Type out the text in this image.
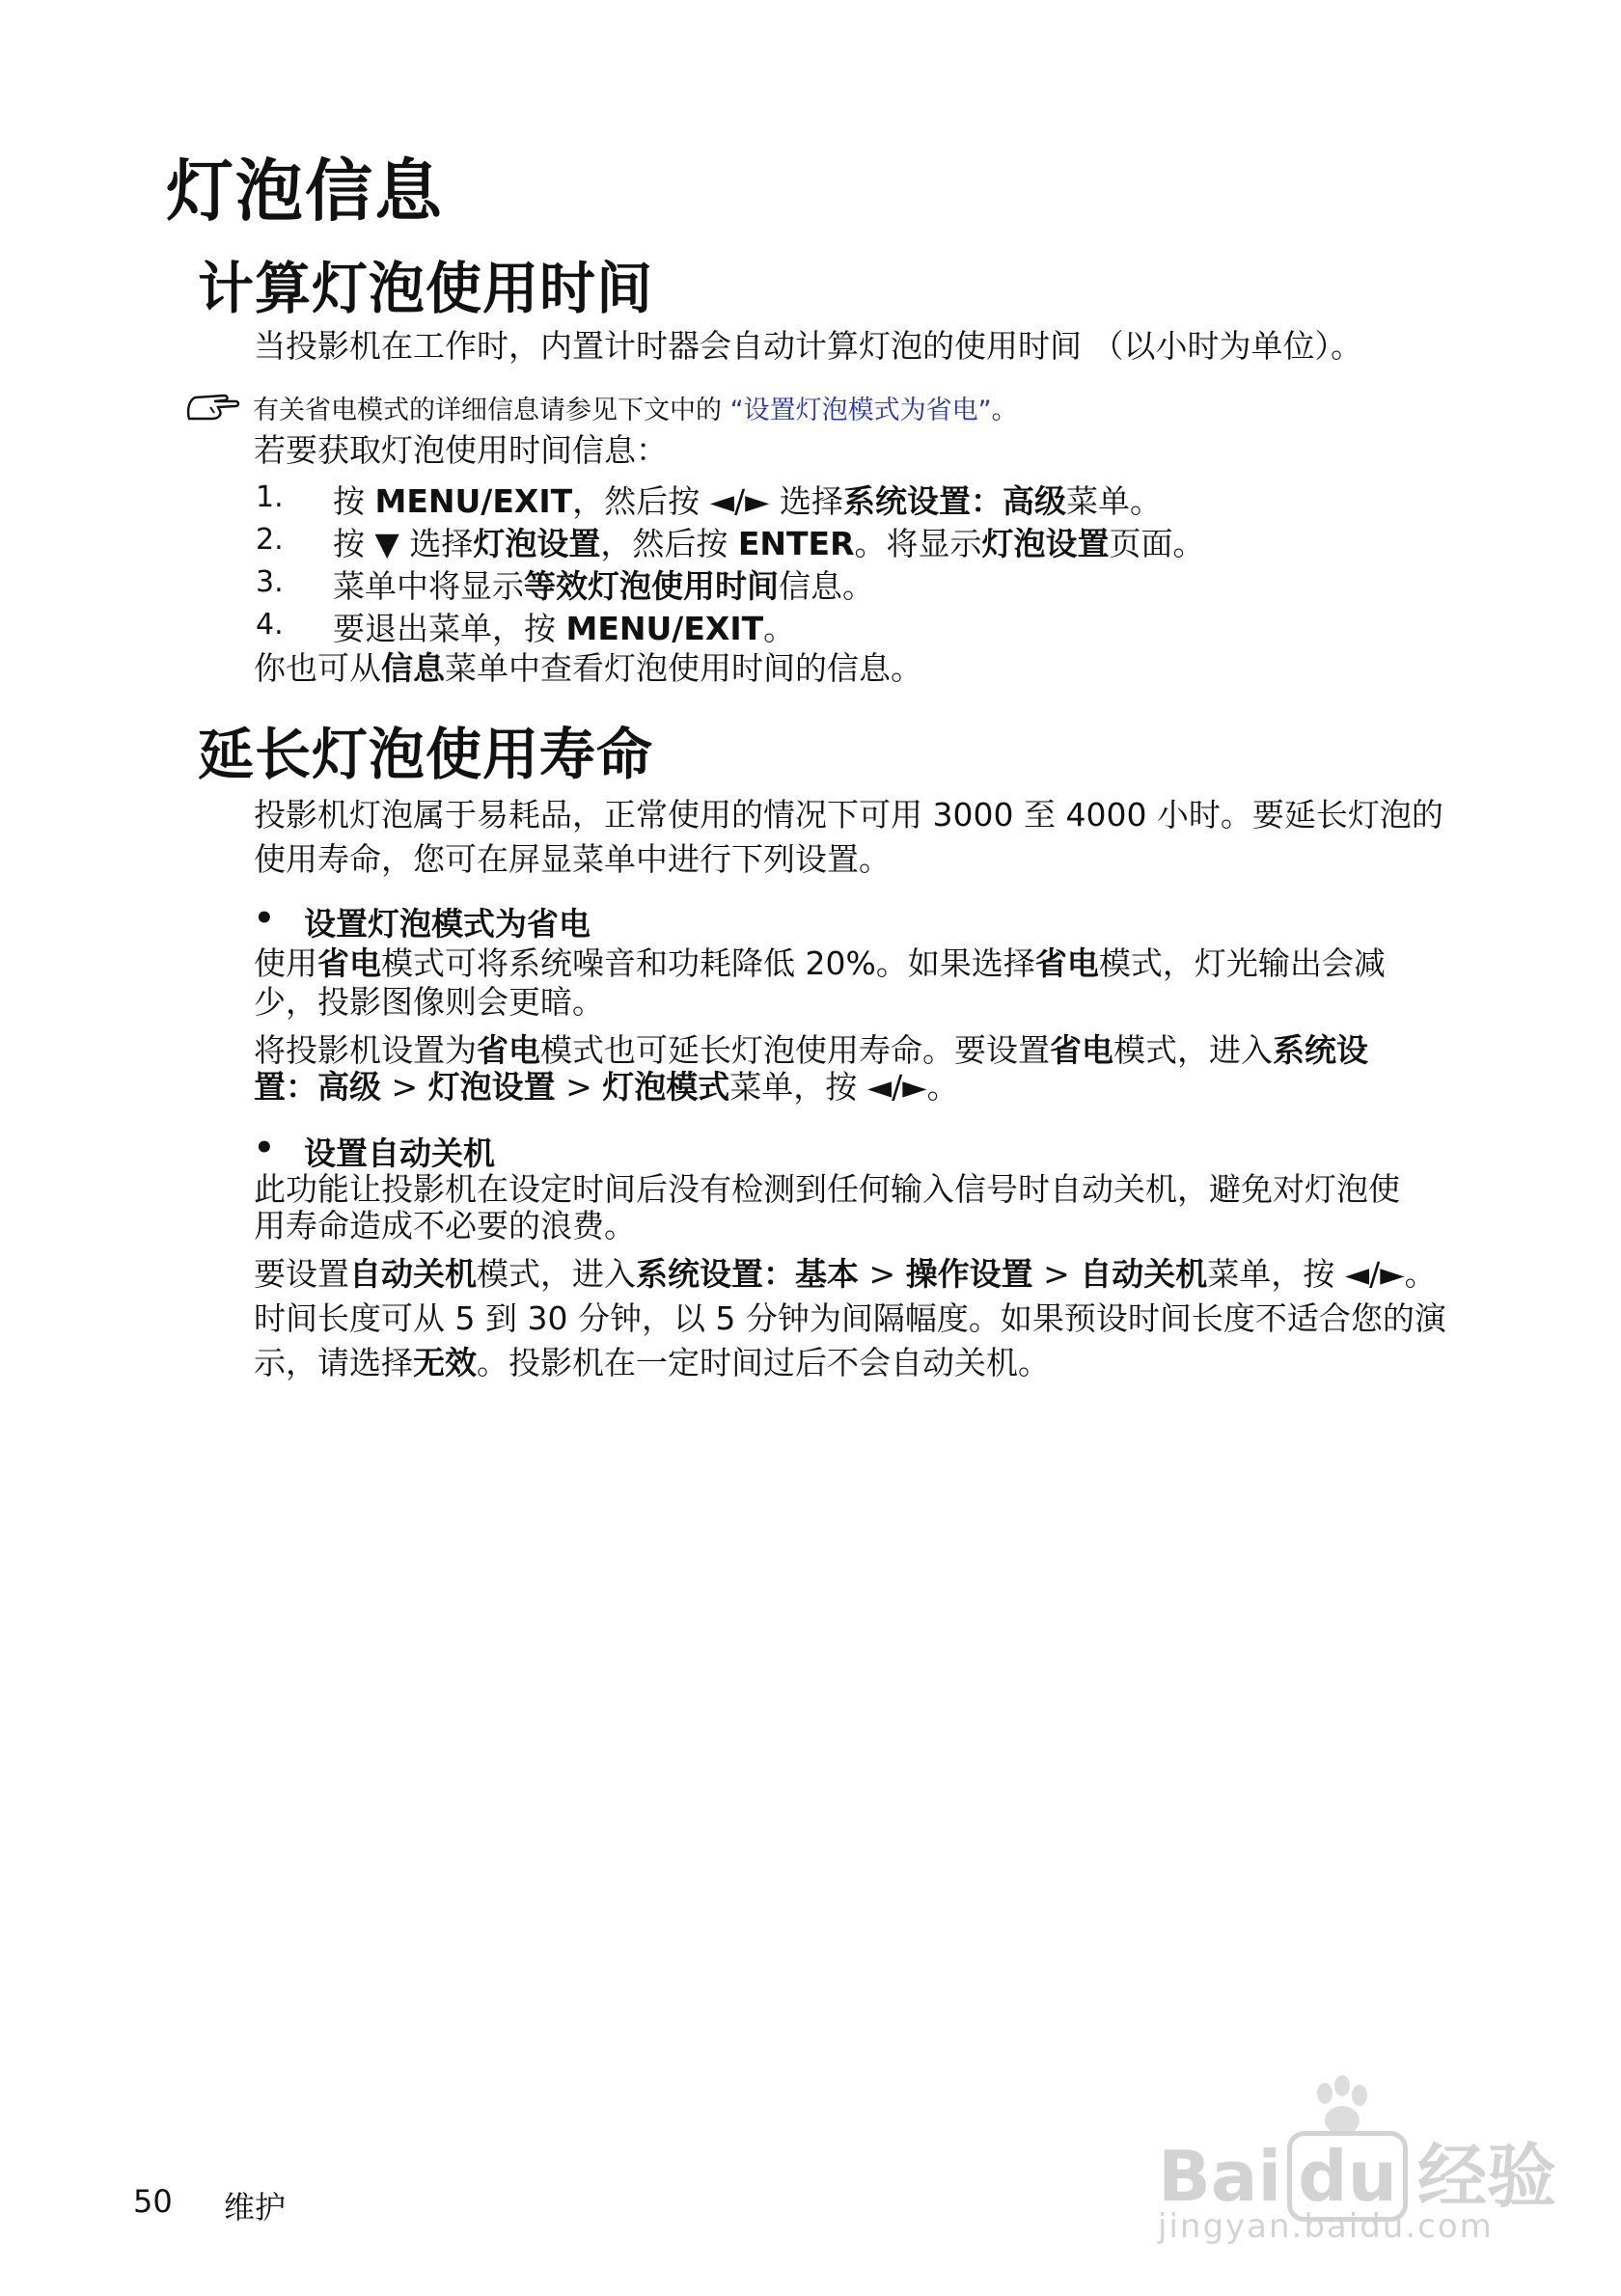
灯泡信息
计算灯泡使用时间

当投影机在工作时，内置计时器会自动计算灯泡的使用时间 （以小时为单位）。

有关省电模式的详细信息请参见下文中的 “设置灯泡模式为省电”。

若要获取灯泡使用时间信息：

1. 按 MENU/EXIT，然后按 ◄/► 选择系统设置：高级菜单。

2. 按 ▼ 选择灯泡设置，然后按 ENTER。将显示灯泡设置页面。

3. 菜单中将显示等效灯泡使用时间信息。

4. 要退出菜单，按 MENU/EXIT。

你也可从信息菜单中查看灯泡使用时间的信息。

延长灯泡使用寿命

投影机灯泡属于易耗品，正常使用的情况下可用 3000 至 4000 小时。要延长灯泡的

使用寿命，您可在屏显菜单中进行下列设置。

• 设置灯泡模式为省电

使用省电模式可将系统噪音和功耗降低 20%。如果选择省电模式，灯光输出会减

少，投影图像则会更暗。

将投影机设置为省电模式也可延长灯泡使用寿命。要设置省电模式，进入系统设

置：高级 > 灯泡设置 > 灯泡模式菜单，按 ◄/►。

• 设置自动关机

此功能让投影机在设定时间后没有检测到任何输入信号时自动关机，避免对灯泡使

用寿命造成不必要的浪费。

要设置自动关机模式，进入系统设置：基本 > 操作设置 > 自动关机菜单，按 ◄/►。

时间长度可从 5 到 30 分钟，以 5 分钟为间隔幅度。如果预设时间长度不适合您的演

示，请选择无效。投影机在一定时间过后不会自动关机。

50 维护	Bai du 经验
jingyan.baidu.com
